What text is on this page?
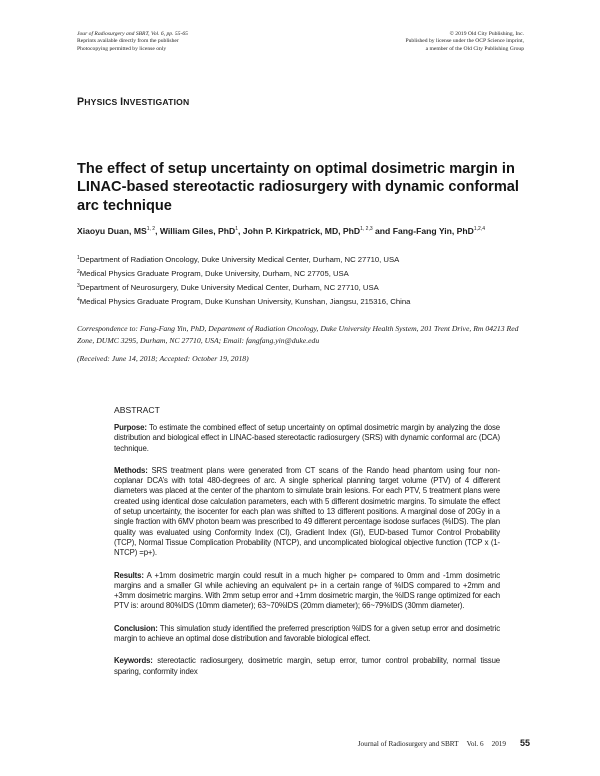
Jour of Radiosurgery and SBRT, Vol. 6, pp. 55-65
Reprints available directly from the publisher
Photocopying permitted by license only
© 2019 Old City Publishing, Inc.
Published by license under the OCP Science imprint,
a member of the Old City Publishing Group
PHYSICS INVESTIGATION
The effect of setup uncertainty on optimal dosimetric margin in LINAC-based stereotactic radiosurgery with dynamic conformal arc technique
Xiaoyu Duan, MS$^{1, 2}$, William Giles, PhD$^1$, John P. Kirkpatrick, MD, PhD$^{1, 2,3}$ and Fang-Fang Yin, PhD$^{1,2,4}$
$^1$Department of Radiation Oncology, Duke University Medical Center, Durham, NC 27710, USA
$^2$Medical Physics Graduate Program, Duke University, Durham, NC 27705, USA
$^3$Department of Neurosurgery, Duke University Medical Center, Durham, NC 27710, USA
$^4$Medical Physics Graduate Program, Duke Kunshan University, Kunshan, Jiangsu, 215316, China
Correspondence to: Fang-Fang Yin, PhD, Department of Radiation Oncology, Duke University Health System, 201 Trent Drive, Rm 04213 Red Zone, DUMC 3295, Durham, NC 27710, USA; Email: fangfang.yin@duke.edu
(Received: June 14, 2018; Accepted: October 19, 2018)
ABSTRACT

Purpose: To estimate the combined effect of setup uncertainty on optimal dosimetric margin by analyzing the dose distribution and biological effect in LINAC-based stereotactic radiosurgery (SRS) with dynamic conformal arc (DCA) technique.

Methods: SRS treatment plans were generated from CT scans of the Rando head phantom using four non-coplanar DCA’s with total 480-degrees of arc. A single spherical planning target volume (PTV) of 4 different diameters was placed at the center of the phantom to simulate brain lesions. For each PTV, 5 treatment plans were created using identical dose calculation parameters, each with 5 different dosimetric margins. To simulate the effect of setup uncertainty, the isocenter for each plan was shifted to 13 different positions. A marginal dose of 20Gy in a single fraction with 6MV photon beam was prescribed to 49 different percentage isodose surfaces (%IDS). The plan quality was evaluated using Conformity Index (CI), Gradient Index (GI), EUD-based Tumor Control Probability (TCP), Normal Tissue Complication Probability (NTCP), and uncomplicated biological objective function (TCP x (1-NTCP) =p+).

Results: A +1mm dosimetric margin could result in a much higher p+ compared to 0mm and -1mm dosimetric margins and a smaller GI while achieving an equivalent p+ in a certain range of %IDS compared to +2mm and +3mm dosimetric margins. With 2mm setup error and +1mm dosimetric margin, the %IDS range optimized for each PTV is: around 80%IDS (10mm diameter); 63~70%IDS (20mm diameter); 66~79%IDS (30mm diameter).

Conclusion: This simulation study identified the preferred prescription %IDS for a given setup error and dosimetric margin to achieve an optimal dose distribution and favorable biological effect.

Keywords: stereotactic radiosurgery, dosimetric margin, setup error, tumor control probability, normal tissue sparing, conformity index

Journal of Radiosurgery and SBRT Vol. 6 2019 55
